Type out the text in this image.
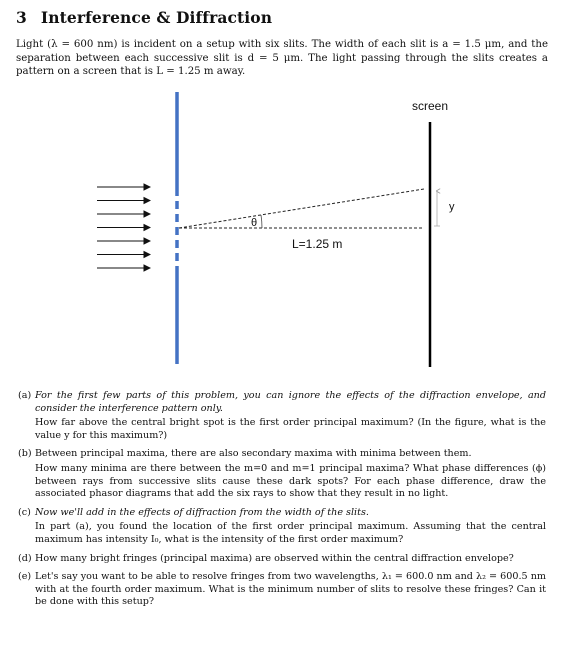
3 Interference & Diffraction
Light (λ = 600 nm) is incident on a setup with six slits. The width of each slit is a = 1.5 μm, and the separation between each successive slit is d = 5 μm. The light passing through the slits creates a pattern on a screen that is L = 1.25 m away.
screen
θ
y
L=1.25 m
(a) For the first few parts of this problem, you can ignore the effects of the diffraction envelope, and consider the interference pattern only.

How far above the central bright spot is the first order principal maximum? (In the figure, what is the value y for this maximum?)

(b) Between principal maxima, there are also secondary maxima with minima between them.

How many minima are there between the m=0 and m=1 principal maxima? What phase differences (ϕ) between rays from successive slits cause these dark spots? For each phase difference, draw the associated phasor diagrams that add the six rays to show that they result in no light.

(c) Now we'll add in the effects of diffraction from the width of the slits.

In part (a), you found the location of the first order principal maximum. Assuming that the central maximum has intensity I₀, what is the intensity of the first order maximum?

(d) How many bright fringes (principal maxima) are observed within the central diffraction envelope?

(e) Let's say you want to be able to resolve fringes from two wavelengths, λ₁ = 600.0 nm and λ₂ = 600.5 nm with at the fourth order maximum. What is the minimum number of slits to resolve these fringes? Can it be done with this setup?
